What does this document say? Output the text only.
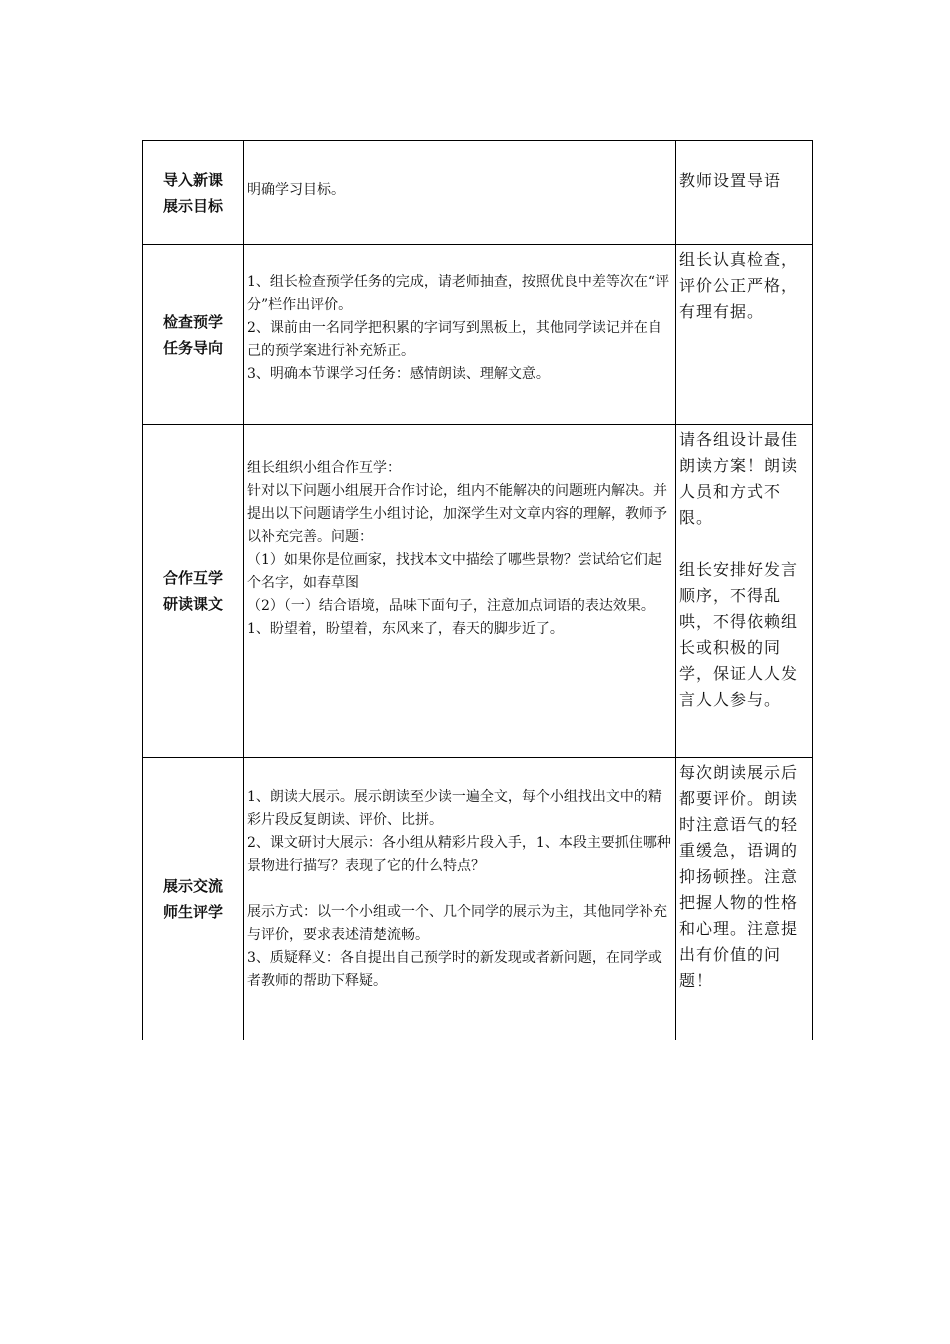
导入新课
展示目标

明确学习目标。	教师设置导语

检查预学
任务导向

1、组长检查预学任务的完成，请老师抽查，按照优良中差等次在“评分”栏作出评价。

2、课前由一名同学把积累的字词写到黑板上，其他同学读记并在自己的预学案进行补充矫正。

3、明确本节课学习任务：感情朗读、理解文意。

组长认真检查，评价公正严格，有理有据。

合作互学
研读课文

组长组织小组合作互学：

针对以下问题小组展开合作讨论，组内不能解决的问题班内解决。并提出以下问题请学生小组讨论，加深学生对文章内容的理解，教师予以补充完善。问题：

（1）如果你是位画家，找找本文中描绘了哪些景物？尝试给它们起个名字，如春草图

（2）（一）结合语境，品味下面句子，注意加点词语的表达效果。

1、盼望着，盼望着，东风来了，春天的脚步近了。

请各组设计最佳朗读方案！朗读人员和方式不限。

组长安排好发言顺序，不得乱哄，不得依赖组长或积极的同学，保证人人发言人人参与。

展示交流
师生评学

1、朗读大展示。展示朗读至少读一遍全文，每个小组找出文中的精彩片段反复朗读、评价、比拼。

2、课文研讨大展示：各小组从精彩片段入手，1、本段主要抓住哪种景物进行描写？表现了它的什么特点？

展示方式：以一个小组或一个、几个同学的展示为主，其他同学补充与评价，要求表述清楚流畅。

3、质疑释义：各自提出自己预学时的新发现或者新问题，在同学或者教师的帮助下释疑。

每次朗读展示后都要评价。朗读时注意语气的轻重缓急，语调的抑扬顿挫。注意把握人物的性格和心理。注意提出有价值的问题！
